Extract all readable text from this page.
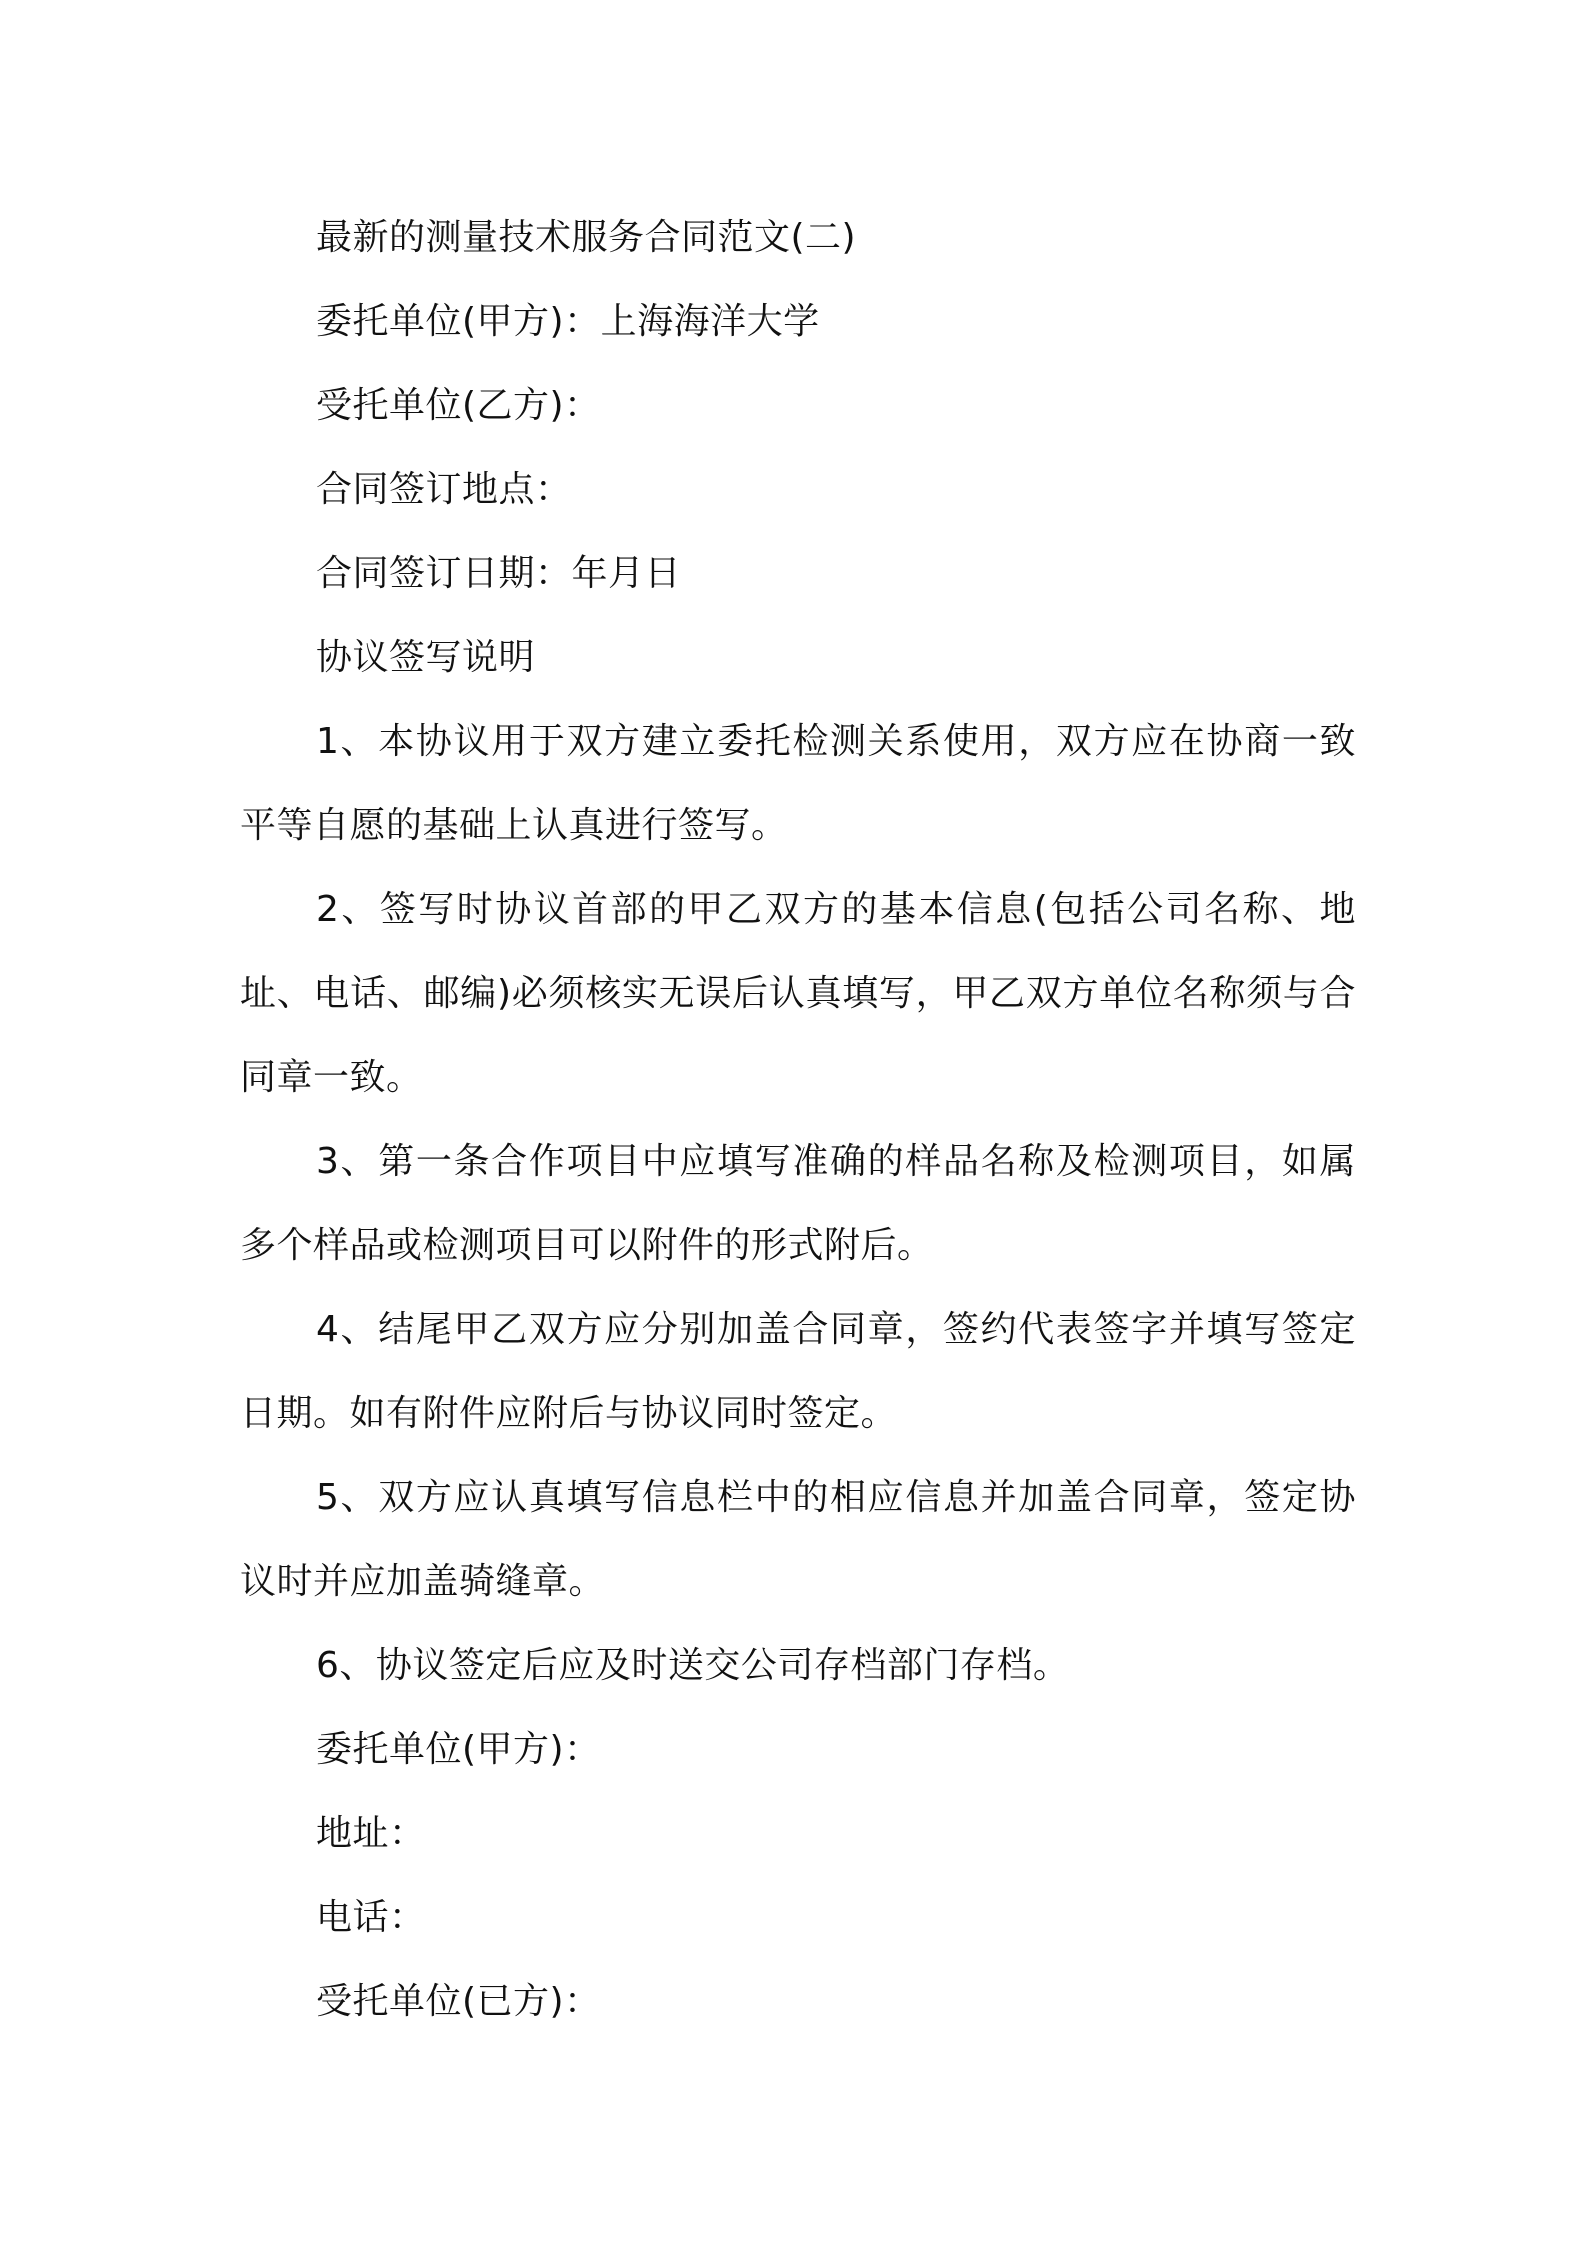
最新的测量技术服务合同范文(二)
委托单位(甲方)：上海海洋大学
受托单位(乙方)：
合同签订地点：
合同签订日期：年月日
协议签写说明

1、本协议用于双方建立委托检测关系使用，双方应在协商一致平等自愿的基础上认真进行签写。

2、签写时协议首部的甲乙双方的基本信息(包括公司名称、地址、电话、邮编)必须核实无误后认真填写，甲乙双方单位名称须与合同章一致。

3、第一条合作项目中应填写准确的样品名称及检测项目，如属多个样品或检测项目可以附件的形式附后。

4、结尾甲乙双方应分别加盖合同章，签约代表签字并填写签定日期。如有附件应附后与协议同时签定。

5、双方应认真填写信息栏中的相应信息并加盖合同章，签定协议时并应加盖骑缝章。

6、协议签定后应及时送交公司存档部门存档。
委托单位(甲方)：
地址：
电话：
受托单位(已方)：
